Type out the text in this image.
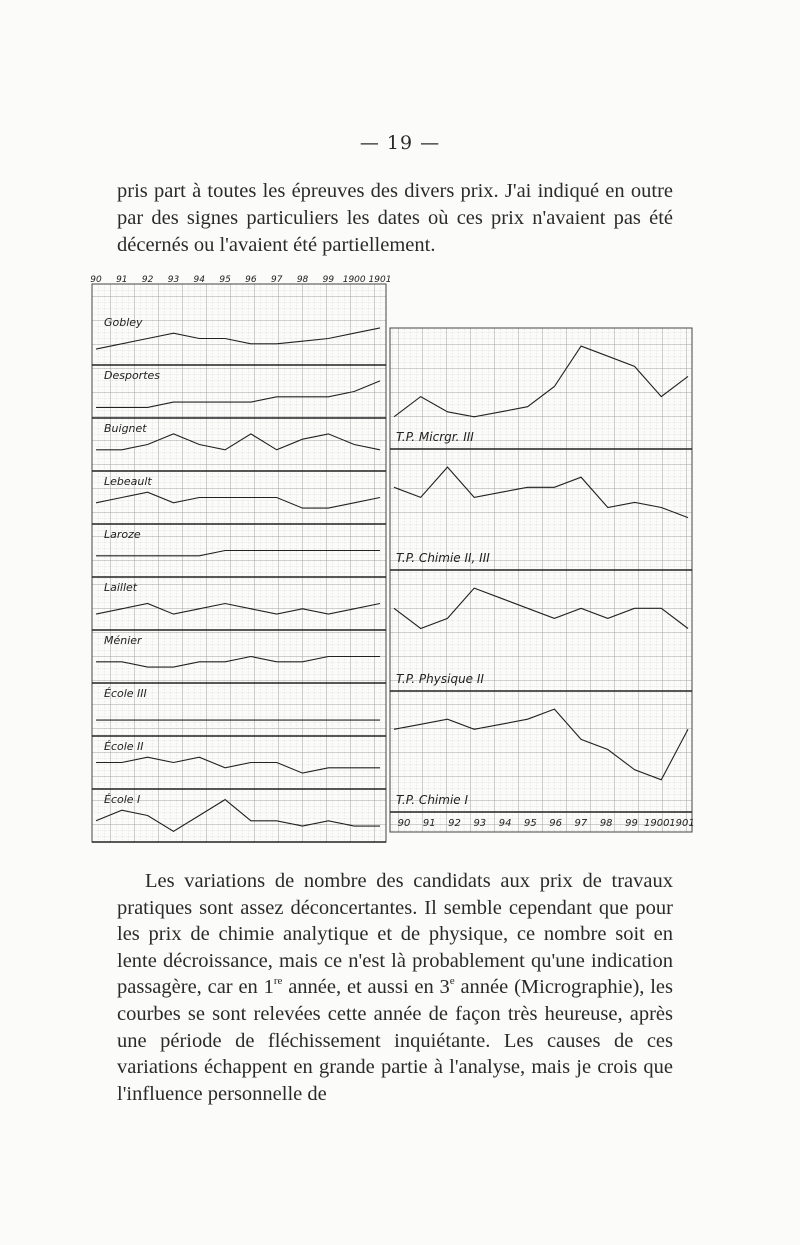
— 19 —
pris part à toutes les épreuves des divers prix. J'ai indiqué en outre par des signes particuliers les dates où ces prix n'avaient pas été décernés ou l'avaient été partiellement.
90 91 92 93 94 95 96 97 98 99 1900 1901
90 91 92 93 94 95 96 97 98 99 1900 1901
Gobley
Desportes
Buignet
Lebeault
Laroze
Laillet
Ménier
École III
École II
École I
T.P. Micrgr. III
T.P. Chimie II, III
T.P. Physique II
T.P. Chimie I
Les variations de nombre des candidats aux prix de travaux pratiques sont assez déconcertantes. Il semble cependant que pour les prix de chimie analytique et de physique, ce nombre soit en lente décroissance, mais ce n'est là probablement qu'une indication passagère, car en 1re année, et aussi en 3e année (Micrographie), les courbes se sont relevées cette année de façon très heureuse, après une période de fléchissement inquiétante. Les causes de ces variations échappent en grande partie à l'analyse, mais je crois que l'influence personnelle de
